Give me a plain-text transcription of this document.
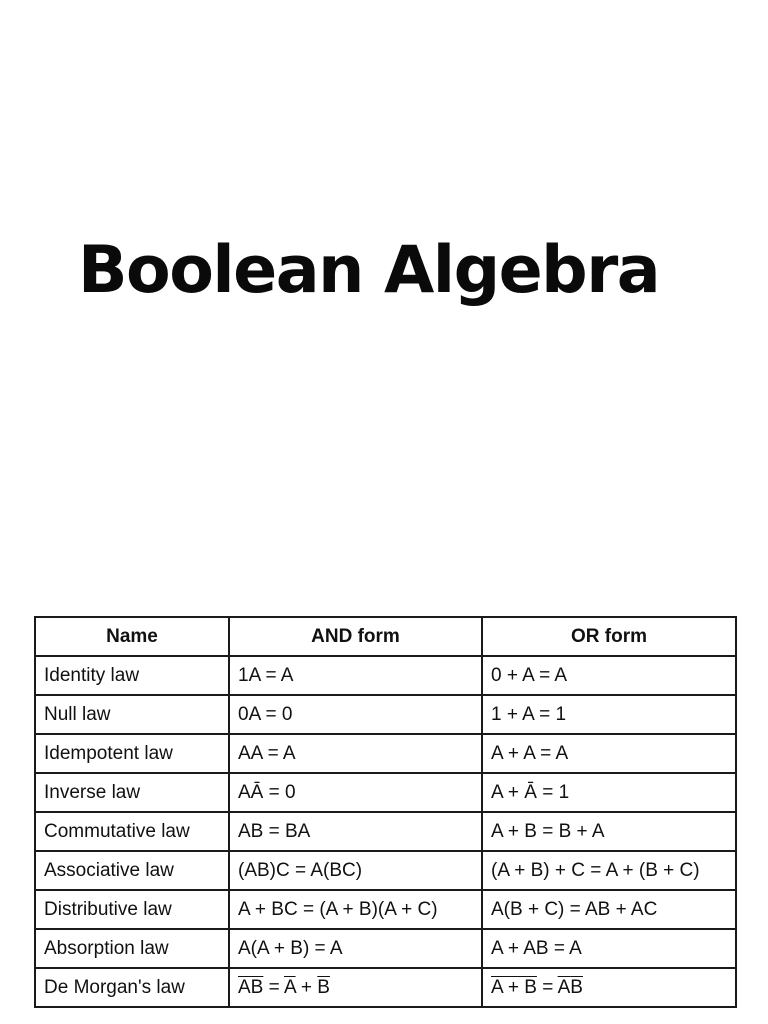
Boolean Algebra
Name	AND form	OR form
Identity law	1A = A	0 + A = A
Null law	0A = 0	1 + A = 1
Idempotent law	AA = A	A + A = A
Inverse law	AĀ = 0	A + Ā = 1
Commutative law	AB = BA	A + B = B + A
Associative law	(AB)C = A(BC)	(A + B) + C = A + (B + C)
Distributive law	A + BC = (A + B)(A + C)	A(B + C) = AB + AC
Absorption law	A(A + B) = A	A + AB = A
De Morgan's law	$\overline{AB} = \overline{A} + \overline{B}$	$A + B = \overline{A}\overline{B}$
